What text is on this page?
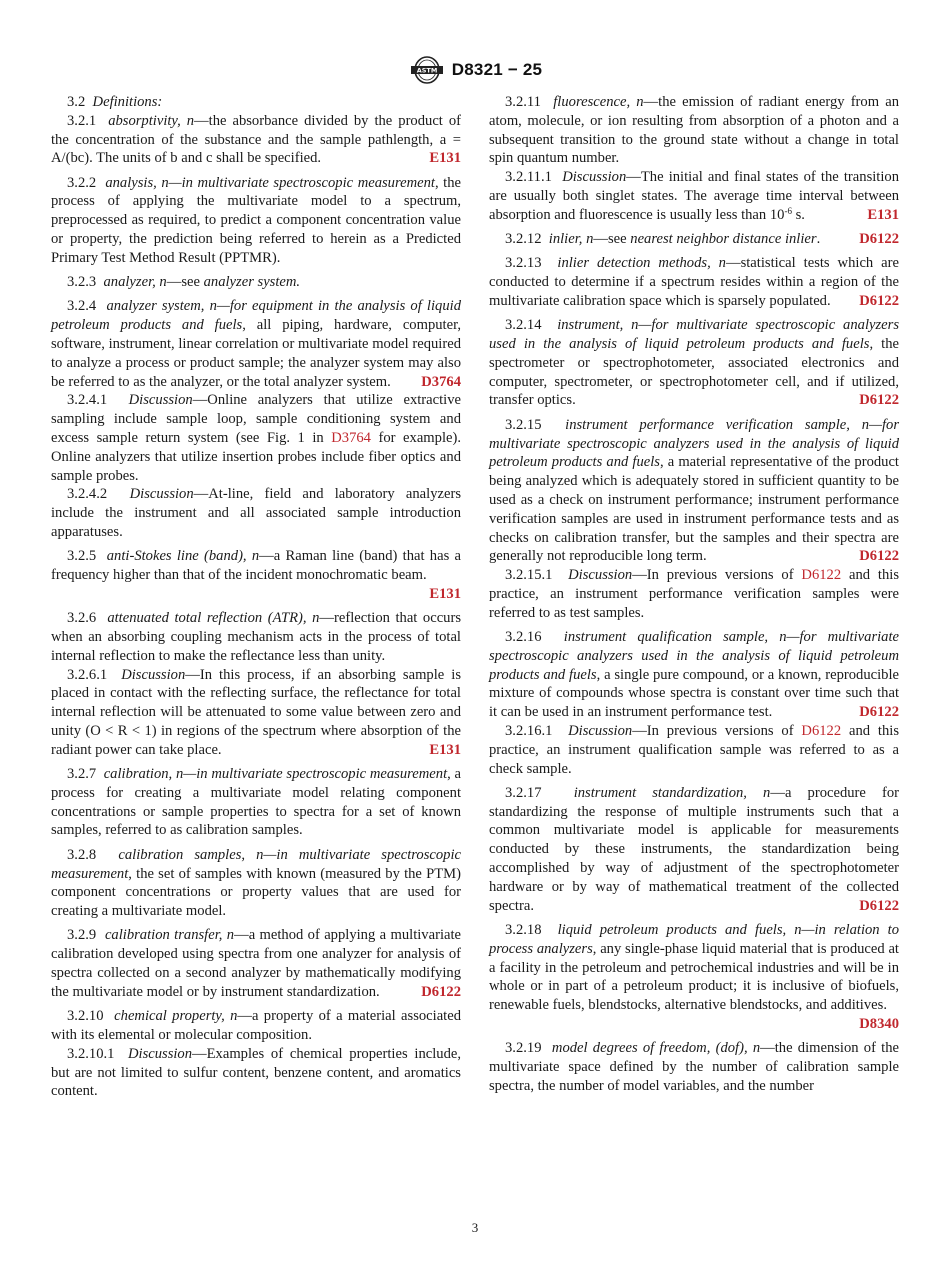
ASTM D8321 − 25

3.2 Definitions:

3.2.1 absorptivity, n—the absorbance divided by the product of the concentration of the substance and the sample pathlength, a = A/(bc). The units of b and c shall be specified.	E131

3.2.2 analysis, n—in multivariate spectroscopic measurement, the process of applying the multivariate model to a spectrum, preprocessed as required, to predict a component concentration value or property, the prediction being referred to herein as a Predicted Primary Test Method Result (PPTMR).

3.2.3 analyzer, n—see analyzer system.

3.2.4 analyzer system, n—for equipment in the analysis of liquid petroleum products and fuels, all piping, hardware, computer, software, instrument, linear correlation or multivariate model required to analyze a process or product sample; the analyzer system may also be referred to as the analyzer, or the total analyzer system.	D3764

3.2.4.1 Discussion—Online analyzers that utilize extractive sampling include sample loop, sample conditioning system and excess sample return system (see Fig. 1 in D3764 for example). Online analyzers that utilize insertion probes include fiber optics and sample probes.

3.2.4.2 Discussion—At-line, field and laboratory analyzers include the instrument and all associated sample introduction apparatuses.

3.2.5 anti-Stokes line (band), n—a Raman line (band) that has a frequency higher than that of the incident monochromatic beam.
E131

3.2.6 attenuated total reflection (ATR), n—reflection that occurs when an absorbing coupling mechanism acts in the process of total internal reflection to make the reflectance less than unity.

3.2.6.1 Discussion—In this process, if an absorbing sample is placed in contact with the reflecting surface, the reflectance for total internal reflection will be attenuated to some value between zero and unity (O < R < 1) in regions of the spectrum where absorption of the radiant power can take place.	E131

3.2.7 calibration, n—in multivariate spectroscopic measurement, a process for creating a multivariate model relating component concentrations or sample properties to spectra for a set of known samples, referred to as calibration samples.

3.2.8 calibration samples, n—in multivariate spectroscopic measurement, the set of samples with known (measured by the PTM) component concentrations or property values that are used for creating a multivariate model.

3.2.9 calibration transfer, n—a method of applying a multivariate calibration developed using spectra from one analyzer for analysis of spectra collected on a second analyzer by mathematically modifying the multivariate model or by instrument standardization.	D6122

3.2.10 chemical property, n—a property of a material associated with its elemental or molecular composition.

3.2.10.1 Discussion—Examples of chemical properties include, but are not limited to sulfur content, benzene content, and aromatics content.

3.2.11 fluorescence, n—the emission of radiant energy from an atom, molecule, or ion resulting from absorption of a photon and a subsequent transition to the ground state without a change in total spin quantum number.

3.2.11.1 Discussion—The initial and final states of the transition are usually both singlet states. The average time interval between absorption and fluorescence is usually less than $10^{-6}$ s.	E131

3.2.12 inlier, n—see nearest neighbor distance inlier.	D6122

3.2.13 inlier detection methods, n—statistical tests which are conducted to determine if a spectrum resides within a region of the multivariate calibration space which is sparsely populated.	D6122

3.2.14 instrument, n—for multivariate spectroscopic analyzers used in the analysis of liquid petroleum products and fuels, the spectrometer or spectrophotometer, associated electronics and computer, spectrometer, or spectrophotometer cell, and if utilized, transfer optics.	D6122

3.2.15 instrument performance verification sample, n—for multivariate spectroscopic analyzers used in the analysis of liquid petroleum products and fuels, a material representative of the product being analyzed which is adequately stored in sufficient quantity to be used as a check on instrument performance; instrument performance verification samples are used in instrument performance tests and as checks on calibration transfer, but the samples and their spectra are generally not reproducible long term.	D6122

3.2.15.1 Discussion—In previous versions of D6122 and this practice, an instrument performance verification samples were referred to as test samples.

3.2.16 instrument qualification sample, n—for multivariate spectroscopic analyzers used in the analysis of liquid petroleum products and fuels, a single pure compound, or a known, reproducible mixture of compounds whose spectra is constant over time such that it can be used in an instrument performance test.	D6122

3.2.16.1 Discussion—In previous versions of D6122 and this practice, an instrument qualification sample was referred to as a check sample.

3.2.17 instrument standardization, n—a procedure for standardizing the response of multiple instruments such that a common multivariate model is applicable for measurements conducted by these instruments, the standardization being accomplished by way of adjustment of the spectrophotometer hardware or by way of mathematical treatment of the collected spectra.	D6122

3.2.18 liquid petroleum products and fuels, n—in relation to process analyzers, any single-phase liquid material that is produced at a facility in the petroleum and petrochemical industries and will be in whole or in part of a petroleum product; it is inclusive of biofuels, renewable fuels, blendstocks, alternative blendstocks, and additives.
D8340

3.2.19 model degrees of freedom, (dof), n—the dimension of the multivariate space defined by the number of calibration sample spectra, the number of model variables, and the number

3
